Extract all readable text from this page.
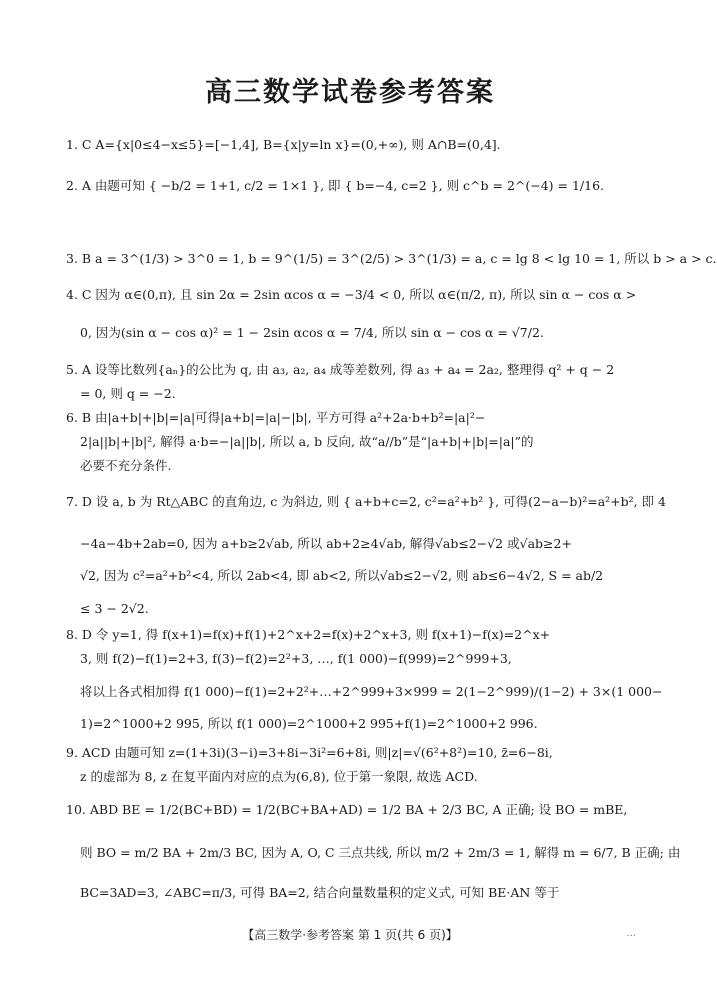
高三数学试卷参考答案
1. C A={x|0≤4−x≤5}=[−1,4], B={x|y=ln x}=(0,+∞), 则 A∩B=(0,4].
2. A 由题可知 { −b/2 = 1+1, c/2 = 1×1 }, 即 { b=−4, c=2 }, 则 c^b = 2^(−4) = 1/16.
3. B a = 3^(1/3) > 3^0 = 1, b = 9^(1/5) = 3^(2/5) > 3^(1/3) = a, c = lg 8 < lg 10 = 1, 所以 b > a > c.
4. C 因为 α∈(0,π), 且 sin 2α = 2sin αcos α = −3/4 < 0, 所以 α∈(π/2, π), 所以 sin α − cos α >
0, 因为(sin α − cos α)² = 1 − 2sin αcos α = 7/4, 所以 sin α − cos α = √7/2.
5. A 设等比数列{aₙ}的公比为 q, 由 a₃, a₂, a₄ 成等差数列, 得 a₃ + a₄ = 2a₂, 整理得 q² + q − 2
= 0, 则 q = −2.
6. B 由|a+b|+|b|=|a|可得|a+b|=|a|−|b|, 平方可得 a²+2a·b+b²=|a|²−
2|a||b|+|b|², 解得 a·b=−|a||b|, 所以 a, b 反向, 故“a//b”是“|a+b|+|b|=|a|”的
必要不充分条件.
7. D 设 a, b 为 Rt△ABC 的直角边, c 为斜边, 则 { a+b+c=2, c²=a²+b² }, 可得(2−a−b)²=a²+b², 即 4
−4a−4b+2ab=0, 因为 a+b≥2√ab, 所以 ab+2≥4√ab, 解得√ab≤2−√2 或√ab≥2+
√2, 因为 c²=a²+b²<4, 所以 2ab<4, 即 ab<2, 所以√ab≤2−√2, 则 ab≤6−4√2, S = ab/2
≤ 3 − 2√2.
8. D 令 y=1, 得 f(x+1)=f(x)+f(1)+2^x+2=f(x)+2^x+3, 则 f(x+1)−f(x)=2^x+
3, 则 f(2)−f(1)=2+3, f(3)−f(2)=2²+3, …, f(1 000)−f(999)=2^999+3,
将以上各式相加得 f(1 000)−f(1)=2+2²+…+2^999+3×999 = 2(1−2^999)/(1−2) + 3×(1 000−
1)=2^1000+2 995, 所以 f(1 000)=2^1000+2 995+f(1)=2^1000+2 996.
9. ACD 由题可知 z=(1+3i)(3−i)=3+8i−3i²=6+8i, 则|z|=√(6²+8²)=10, z̄=6−8i,
z 的虚部为 8, z 在复平面内对应的点为(6,8), 位于第一象限, 故选 ACD.
10. ABD BE = 1/2(BC+BD) = 1/2(BC+BA+AD) = 1/2 BA + 2/3 BC, A 正确; 设 BO = mBE,
则 BO = m/2 BA + 2m/3 BC, 因为 A, O, C 三点共线, 所以 m/2 + 2m/3 = 1, 解得 m = 6/7, B 正确; 由
BC=3AD=3, ∠ABC=π/3, 可得 BA=2, 结合向量数量积的定义式, 可知 BE·AN 等于
【高三数学·参考答案 第 1 页(共 6 页)】	...
